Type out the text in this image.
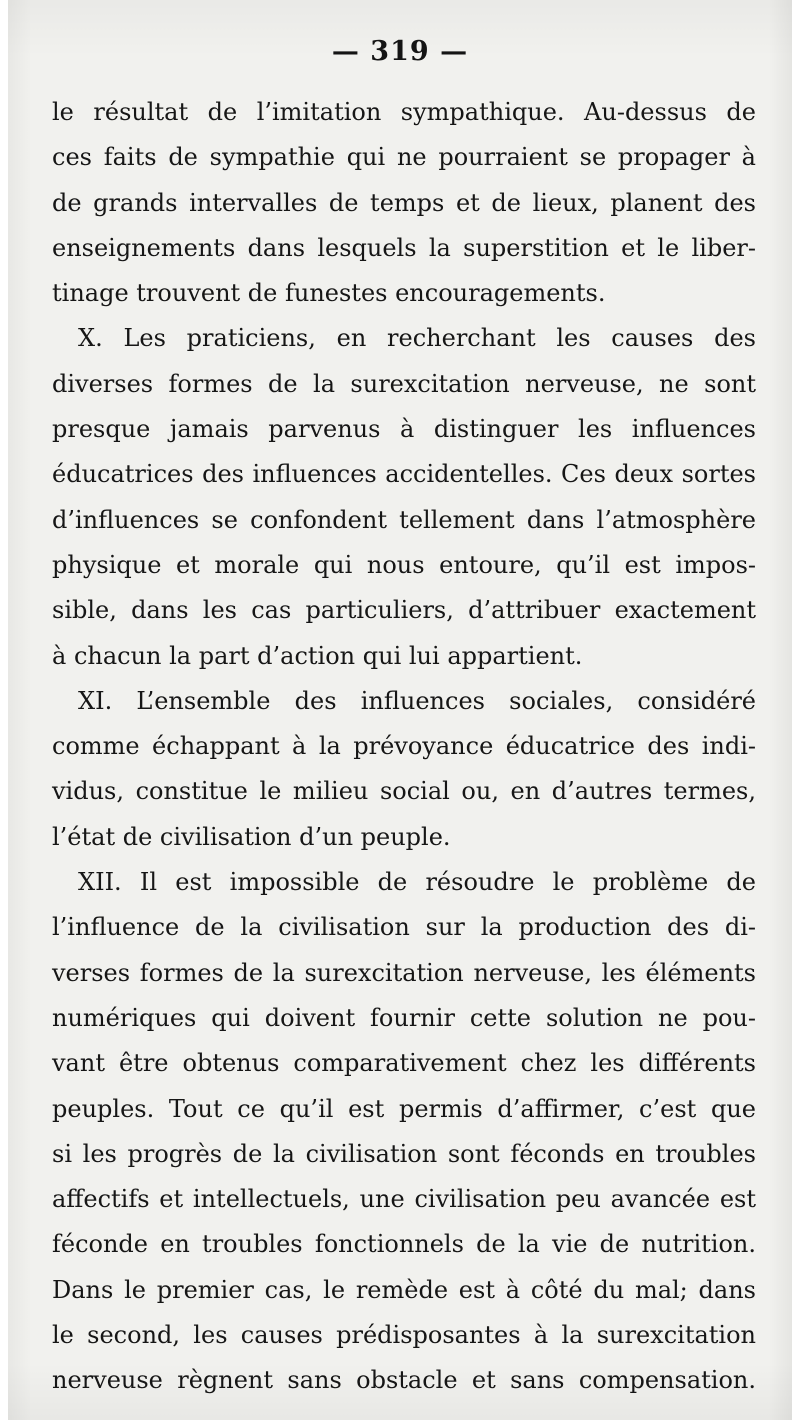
— 319 —
le résultat de l’imitation sympathique. Au-dessus de
ces faits de sympathie qui ne pourraient se propager à
de grands intervalles de temps et de lieux, planent des
enseignements dans lesquels la superstition et le liber-
tinage trouvent de funestes encouragements.
X. Les praticiens, en recherchant les causes des
diverses formes de la surexcitation nerveuse, ne sont
presque jamais parvenus à distinguer les influences
éducatrices des influences accidentelles. Ces deux sortes
d’influences se confondent tellement dans l’atmosphère
physique et morale qui nous entoure, qu’il est impos-
sible, dans les cas particuliers, d’attribuer exactement
à chacun la part d’action qui lui appartient.
XI. L’ensemble des influences sociales, considéré
comme échappant à la prévoyance éducatrice des indi-
vidus, constitue le milieu social ou, en d’autres termes,
l’état de civilisation d’un peuple.
XII. Il est impossible de résoudre le problème de
l’influence de la civilisation sur la production des di-
verses formes de la surexcitation nerveuse, les éléments
numériques qui doivent fournir cette solution ne pou-
vant être obtenus comparativement chez les différents
peuples. Tout ce qu’il est permis d’affirmer, c’est que
si les progrès de la civilisation sont féconds en troubles
affectifs et intellectuels, une civilisation peu avancée est
féconde en troubles fonctionnels de la vie de nutrition.
Dans le premier cas, le remède est à côté du mal; dans
le second, les causes prédisposantes à la surexcitation
nerveuse règnent sans obstacle et sans compensation.
